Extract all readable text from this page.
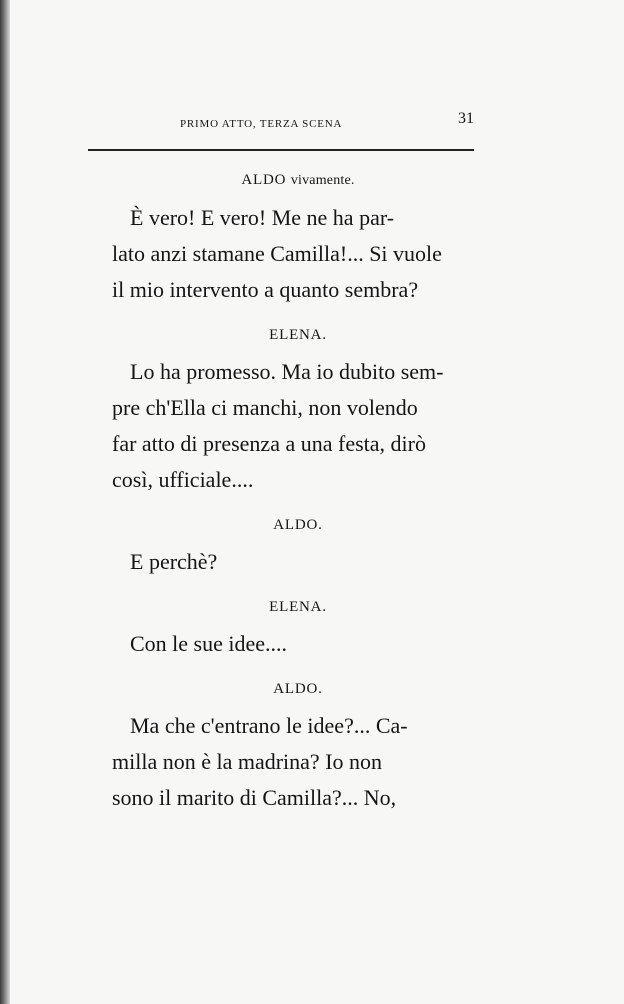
PRIMO ATTO, TERZA SCENA	31
ALDO vivamente.
È vero! E vero! Me ne ha par-
lato anzi stamane Camilla!... Si vuole
il mio intervento a quanto sembra?
ELENA.
Lo ha promesso. Ma io dubito sem-
pre ch'Ella ci manchi, non volendo
far atto di presenza a una festa, dirò
così, ufficiale....
ALDO.
E perchè?
ELENA.
Con le sue idee....
ALDO.
Ma che c'entrano le idee?... Ca-
milla non è la madrina? Io non
sono il marito di Camilla?... No,
